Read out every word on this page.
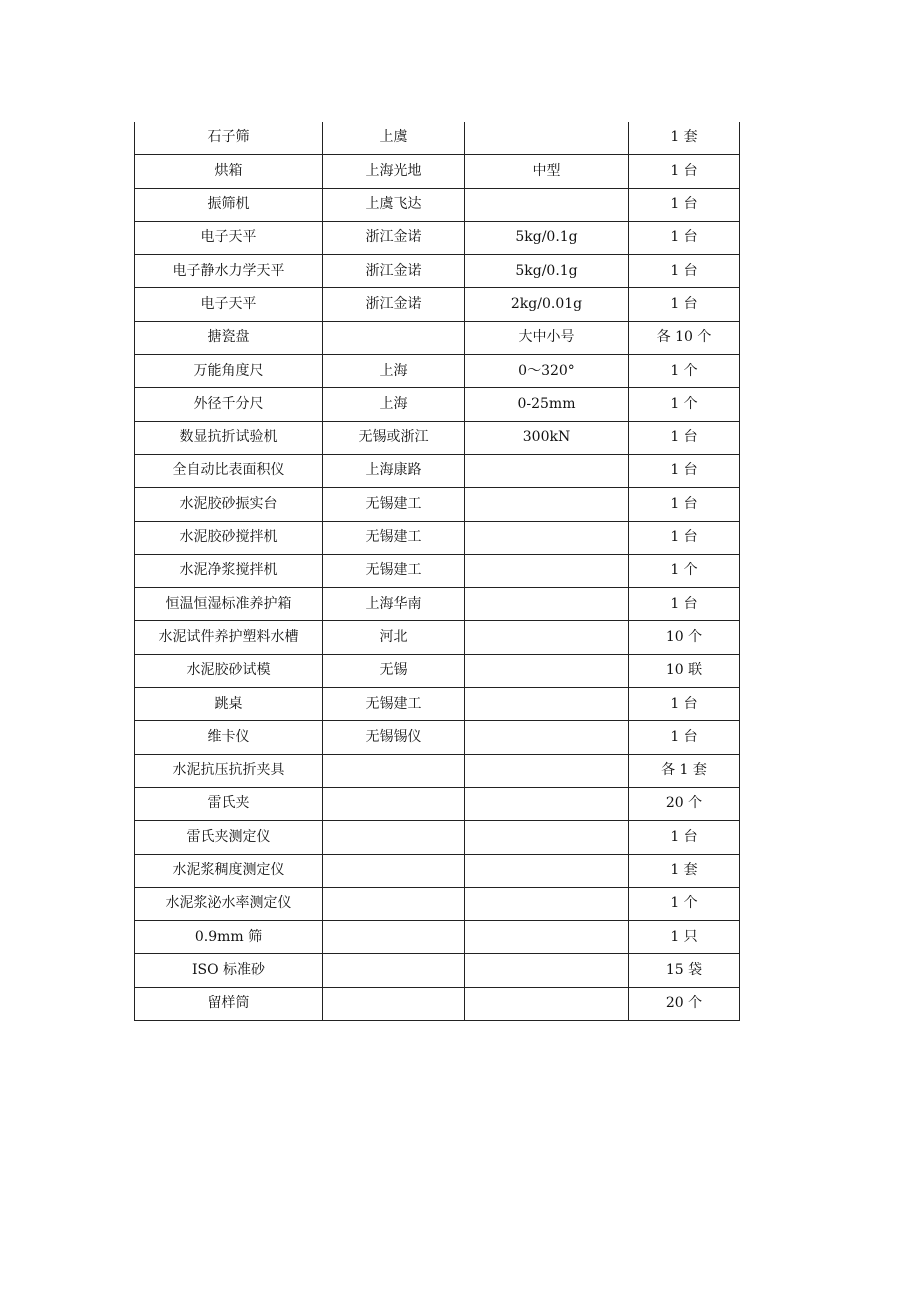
石子筛	上虞		1 套
烘箱	上海光地	中型	1 台
振筛机	上虞飞达		1 台
电子天平	浙江金诺	5kg/0.1g	1 台
电子静水力学天平	浙江金诺	5kg/0.1g	1 台
电子天平	浙江金诺	2kg/0.01g	1 台
搪瓷盘		大中小号	各 10 个
万能角度尺	上海	0～320°	1 个
外径千分尺	上海	0-25mm	1 个
数显抗折试验机	无锡或浙江	300kN	1 台
全自动比表面积仪	上海康路		1 台
水泥胶砂振实台	无锡建工		1 台
水泥胶砂搅拌机	无锡建工		1 台
水泥净浆搅拌机	无锡建工		1 个
恒温恒湿标准养护箱	上海华南		1 台
水泥试件养护塑料水槽	河北		10 个
水泥胶砂试模	无锡		10 联
跳桌	无锡建工		1 台
维卡仪	无锡锡仪		1 台
水泥抗压抗折夹具			各 1 套
雷氏夹			20 个
雷氏夹测定仪			1 台
水泥浆稠度测定仪			1 套
水泥浆泌水率测定仪			1 个
0.9mm 筛			1 只
ISO 标准砂			15 袋
留样筒			20 个
